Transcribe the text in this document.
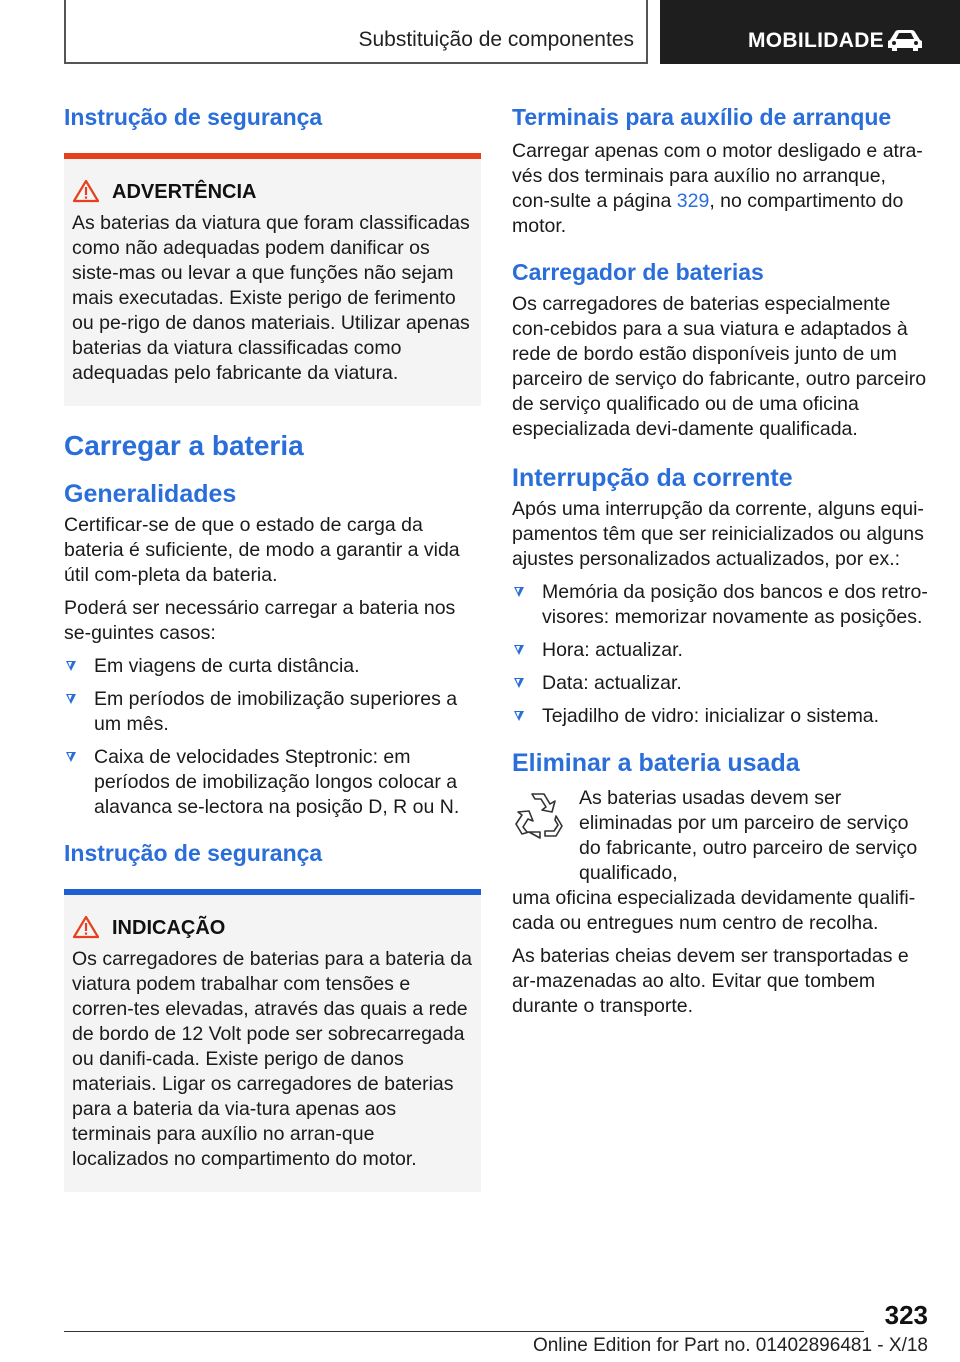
Substituição de componentes	MOBILIDADE
Instrução de segurança
ADVERTÊNCIA

As baterias da viatura que foram classificadas como não adequadas podem danificar os siste-mas ou levar a que funções não sejam mais executadas. Existe perigo de ferimento ou pe-rigo de danos materiais. Utilizar apenas baterias da viatura classificadas como adequadas pelo fabricante da viatura.

Carregar a bateria
Generalidades

Certificar-se de que o estado de carga da bateria é suficiente, de modo a garantir a vida útil com-pleta da bateria.

Poderá ser necessário carregar a bateria nos se-guintes casos:

Em viagens de curta distância.
Em períodos de imobilização superiores a um mês.
Caixa de velocidades Steptronic: em períodos de imobilização longos colocar a alavanca se-lectora na posição D, R ou N.
Instrução de segurança
INDICAÇÃO

Os carregadores de baterias para a bateria da viatura podem trabalhar com tensões e corren-tes elevadas, através das quais a rede de bordo de 12 Volt pode ser sobrecarregada ou danifi-cada. Existe perigo de danos materiais. Ligar os carregadores de baterias para a bateria da via-tura apenas aos terminais para auxílio no arran-que localizados no compartimento do motor.

Terminais para auxílio de arranque

Carregar apenas com o motor desligado e atra-vés dos terminais para auxílio no arranque, con-sulte a página 329, no compartimento do motor.

Carregador de baterias

Os carregadores de baterias especialmente con-cebidos para a sua viatura e adaptados à rede de bordo estão disponíveis junto de um parceiro de serviço do fabricante, outro parceiro de serviço qualificado ou de uma oficina especializada devi-damente qualificada.

Interrupção da corrente

Após uma interrupção da corrente, alguns equi-pamentos têm que ser reinicializados ou alguns ajustes personalizados actualizados, por ex.:

Memória da posição dos bancos e dos retro-visores: memorizar novamente as posições.
Hora: actualizar.
Data: actualizar.
Tejadilho de vidro: inicializar o sistema.
Eliminar a bateria usada

As baterias usadas devem ser eliminadas por um parceiro de serviço do fabricante, outro parceiro de serviço qualificado,

uma oficina especializada devidamente qualifi-cada ou entregues num centro de recolha.

As baterias cheias devem ser transportadas e ar-mazenadas ao alto. Evitar que tombem durante o transporte.

323
Online Edition for Part no. 01402896481 - X/18
